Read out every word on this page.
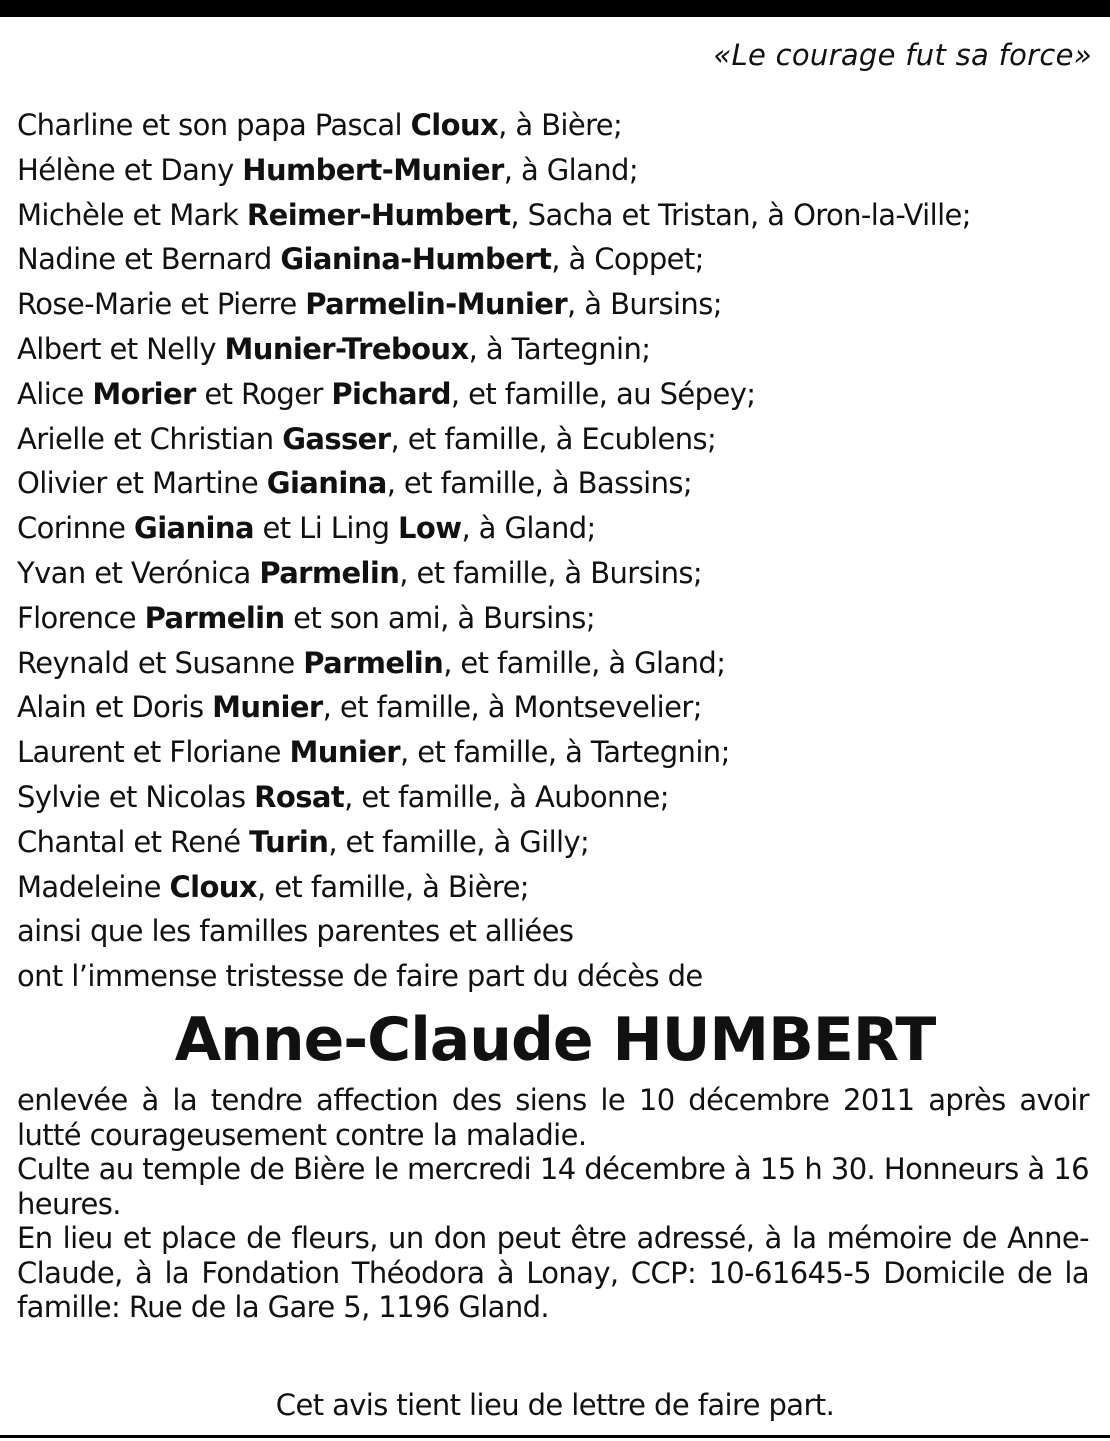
«Le courage fut sa force»
Charline et son papa Pascal Cloux, à Bière;
Hélène et Dany Humbert-Munier, à Gland;
Michèle et Mark Reimer-Humbert, Sacha et Tristan, à Oron-la-Ville;
Nadine et Bernard Gianina-Humbert, à Coppet;
Rose-Marie et Pierre Parmelin-Munier, à Bursins;
Albert et Nelly Munier-Treboux, à Tartegnin;
Alice Morier et Roger Pichard, et famille, au Sépey;
Arielle et Christian Gasser, et famille, à Ecublens;
Olivier et Martine Gianina, et famille, à Bassins;
Corinne Gianina et Li Ling Low, à Gland;
Yvan et Verónica Parmelin, et famille, à Bursins;
Florence Parmelin et son ami, à Bursins;
Reynald et Susanne Parmelin, et famille, à Gland;
Alain et Doris Munier, et famille, à Montsevelier;
Laurent et Floriane Munier, et famille, à Tartegnin;
Sylvie et Nicolas Rosat, et famille, à Aubonne;
Chantal et René Turin, et famille, à Gilly;
Madeleine Cloux, et famille, à Bière;
ainsi que les familles parentes et alliées
ont l’immense tristesse de faire part du décès de
Anne-Claude HUMBERT

enlevée à la tendre affection des siens le 10 décembre 2011 après avoir lutté courageusement contre la maladie.

Culte au temple de Bière le mercredi 14 décembre à 15 h 30. Honneurs à 16 heures.

En lieu et place de fleurs, un don peut être adressé, à la mémoire de Anne-Claude, à la Fondation Théodora à Lonay, CCP: 10-61645-5 Domicile de la famille: Rue de la Gare 5, 1196 Gland.

Cet avis tient lieu de lettre de faire part.
